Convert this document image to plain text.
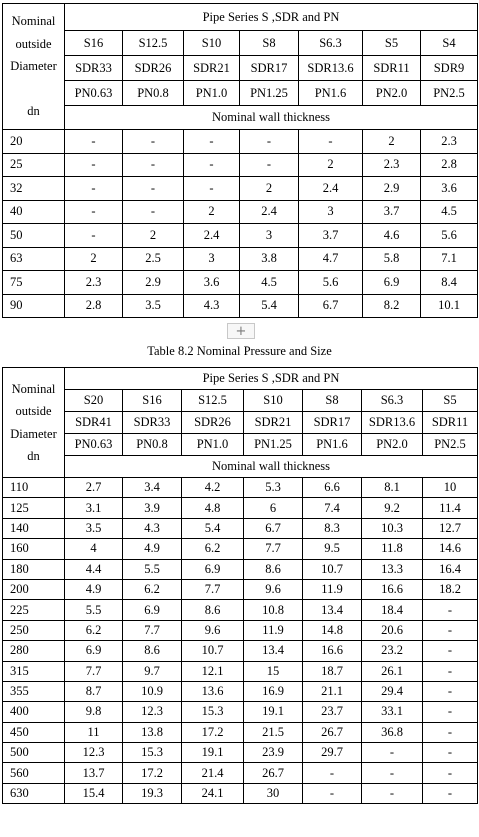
Nominal
outside
Diameter

dn	Pipe Series S ,SDR and PN						
	S16	S12.5	S10	S8	S6.3	S5	S4
	SDR33	SDR26	SDR21	SDR17	SDR13.6	SDR11	SDR9
	PN0.63	PN0.8	PN1.0	PN1.25	PN1.6	PN2.0	PN2.5
	Nominal wall thickness						
20	-	-	-	-	-	2	2.3
25	-	-	-	-	2	2.3	2.8
32	-	-	-	2	2.4	2.9	3.6
40	-	-	2	2.4	3	3.7	4.5
50	-	2	2.4	3	3.7	4.6	5.6
63	2	2.5	3	3.8	4.7	5.8	7.1
75	2.3	2.9	3.6	4.5	5.6	6.9	8.4
90	2.8	3.5	4.3	5.4	6.7	8.2	10.1
+
Table 8.2 Nominal Pressure and Size
Nominal
outside
Diameter
dn	Pipe Series S ,SDR and PN						
	S20	S16	S12.5	S10	S8	S6.3	S5
	SDR41	SDR33	SDR26	SDR21	SDR17	SDR13.6	SDR11
	PN0.63	PN0.8	PN1.0	PN1.25	PN1.6	PN2.0	PN2.5
	Nominal wall thickness						
110	2.7	3.4	4.2	5.3	6.6	8.1	10
125	3.1	3.9	4.8	6	7.4	9.2	11.4
140	3.5	4.3	5.4	6.7	8.3	10.3	12.7
160	4	4.9	6.2	7.7	9.5	11.8	14.6
180	4.4	5.5	6.9	8.6	10.7	13.3	16.4
200	4.9	6.2	7.7	9.6	11.9	16.6	18.2
225	5.5	6.9	8.6	10.8	13.4	18.4	-
250	6.2	7.7	9.6	11.9	14.8	20.6	-
280	6.9	8.6	10.7	13.4	16.6	23.2	-
315	7.7	9.7	12.1	15	18.7	26.1	-
355	8.7	10.9	13.6	16.9	21.1	29.4	-
400	9.8	12.3	15.3	19.1	23.7	33.1	-
450	11	13.8	17.2	21.5	26.7	36.8	-
500	12.3	15.3	19.1	23.9	29.7	-	-
560	13.7	17.2	21.4	26.7	-	-	-
630	15.4	19.3	24.1	30	-	-	-
